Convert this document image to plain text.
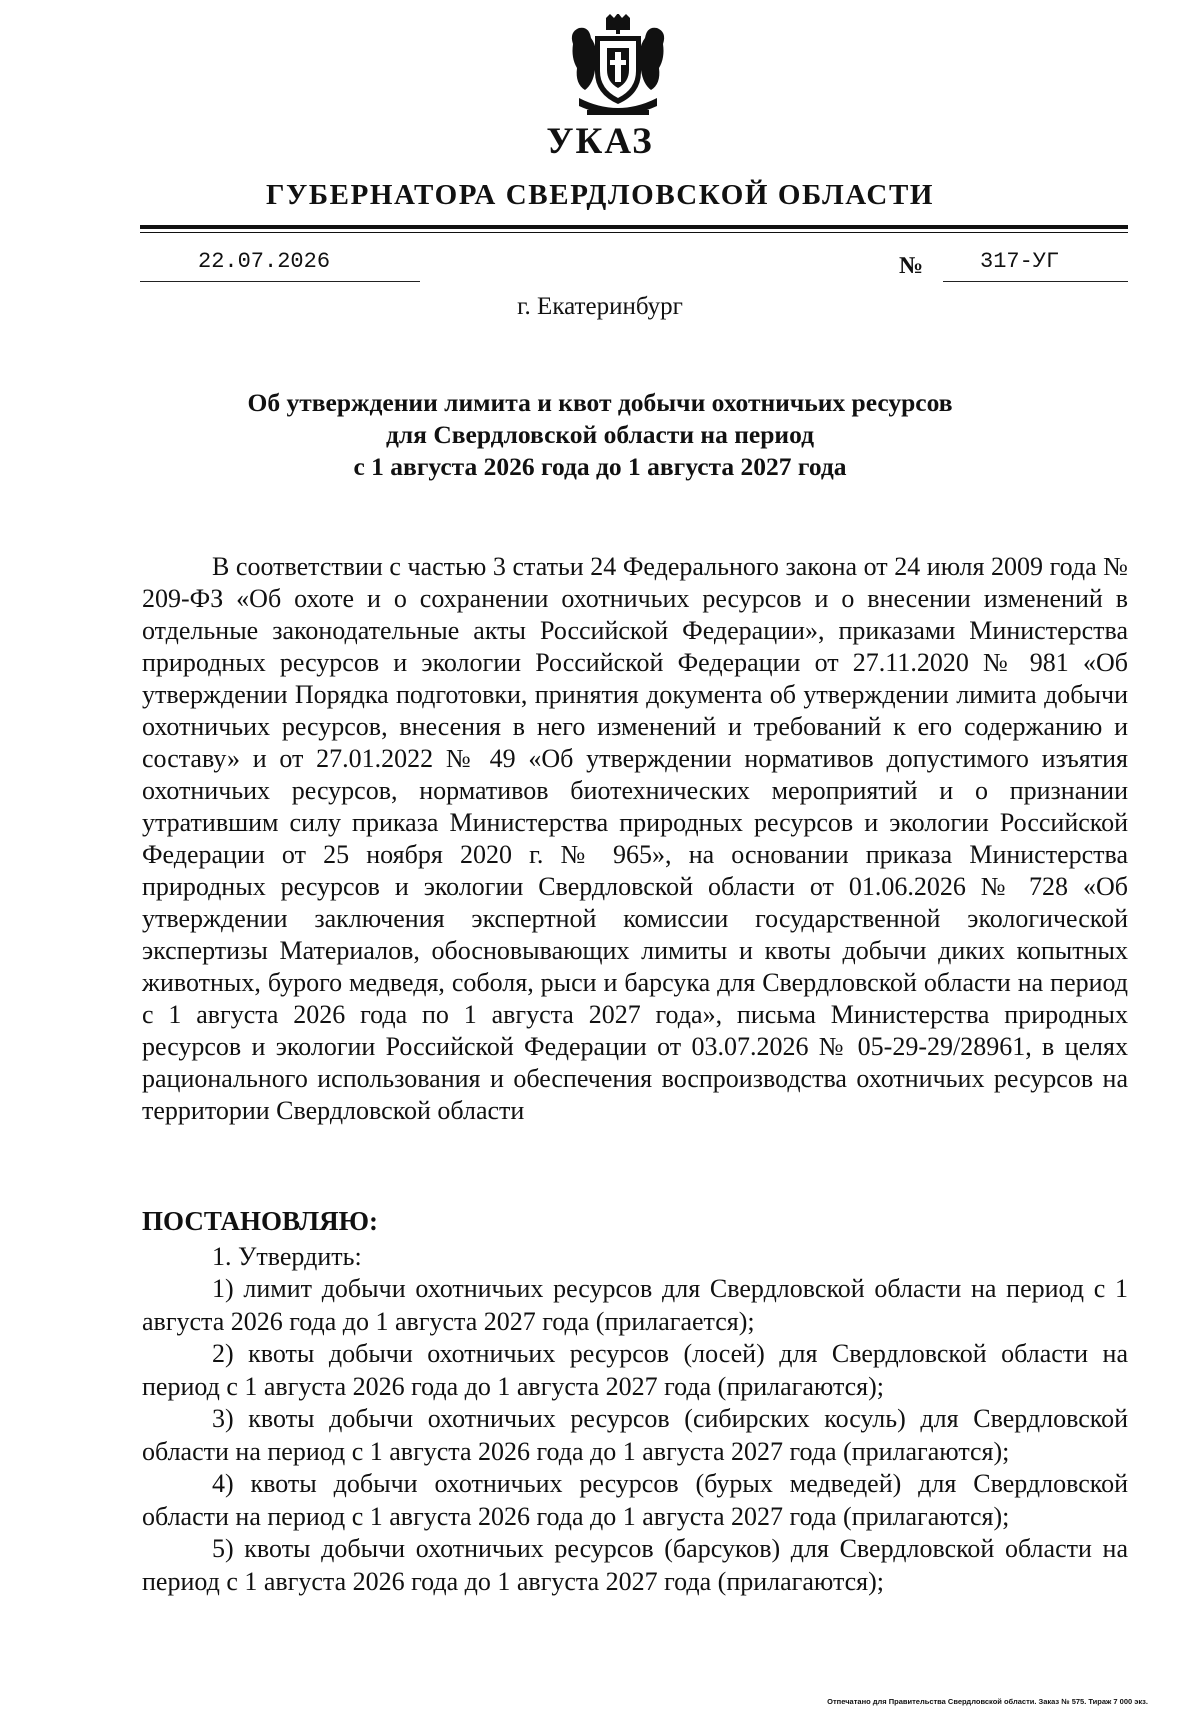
УКАЗ
ГУБЕРНАТОРА СВЕРДЛОВСКОЙ ОБЛАСТИ
22.07.2026	№	317-УГ
г. Екатеринбург
Об утверждении лимита и квот добычи охотничьих ресурсов
для Свердловской области на период
с 1 августа 2026 года до 1 августа 2027 года
В соответствии с частью 3 статьи 24 Федерального закона от 24 июля 2009 года № 209-ФЗ «Об охоте и о сохранении охотничьих ресурсов и о внесении изменений в отдельные законодательные акты Российской Федерации», приказами Министерства природных ресурсов и экологии Российской Федерации от 27.11.2020 № 981 «Об утверждении Порядка подготовки, принятия документа об утверждении лимита добычи охотничьих ресурсов, внесения в него изменений и требований к его содержанию и составу» и от 27.01.2022 № 49 «Об утверждении нормативов допустимого изъятия охотничьих ресурсов, нормативов биотехнических мероприятий и о признании утратившим силу приказа Министерства природных ресурсов и экологии Российской Федерации от 25 ноября 2020 г. № 965», на основании приказа Министерства природных ресурсов и экологии Свердловской области от 01.06.2026 № 728 «Об утверждении заключения экспертной комиссии государственной экологической экспертизы Материалов, обосновывающих лимиты и квоты добычи диких копытных животных, бурого медведя, соболя, рыси и барсука для Свердловской области на период с 1 августа 2026 года по 1 августа 2027 года», письма Министерства природных ресурсов и экологии Российской Федерации от 03.07.2026 № 05-29-29/28961, в целях рационального использования и обеспечения воспроизводства охотничьих ресурсов на территории Свердловской области
ПОСТАНОВЛЯЮ:
1. Утвердить:
1) лимит добычи охотничьих ресурсов для Свердловской области на период с 1 августа 2026 года до 1 августа 2027 года (прилагается);
2) квоты добычи охотничьих ресурсов (лосей) для Свердловской области на период с 1 августа 2026 года до 1 августа 2027 года (прилагаются);
3) квоты добычи охотничьих ресурсов (сибирских косуль) для Свердловской области на период с 1 августа 2026 года до 1 августа 2027 года (прилагаются);
4) квоты добычи охотничьих ресурсов (бурых медведей) для Свердловской области на период с 1 августа 2026 года до 1 августа 2027 года (прилагаются);
5) квоты добычи охотничьих ресурсов (барсуков) для Свердловской области на период с 1 августа 2026 года до 1 августа 2027 года (прилагаются);
Отпечатано для Правительства Свердловской области. Заказ № 575. Тираж 7 000 экз.
